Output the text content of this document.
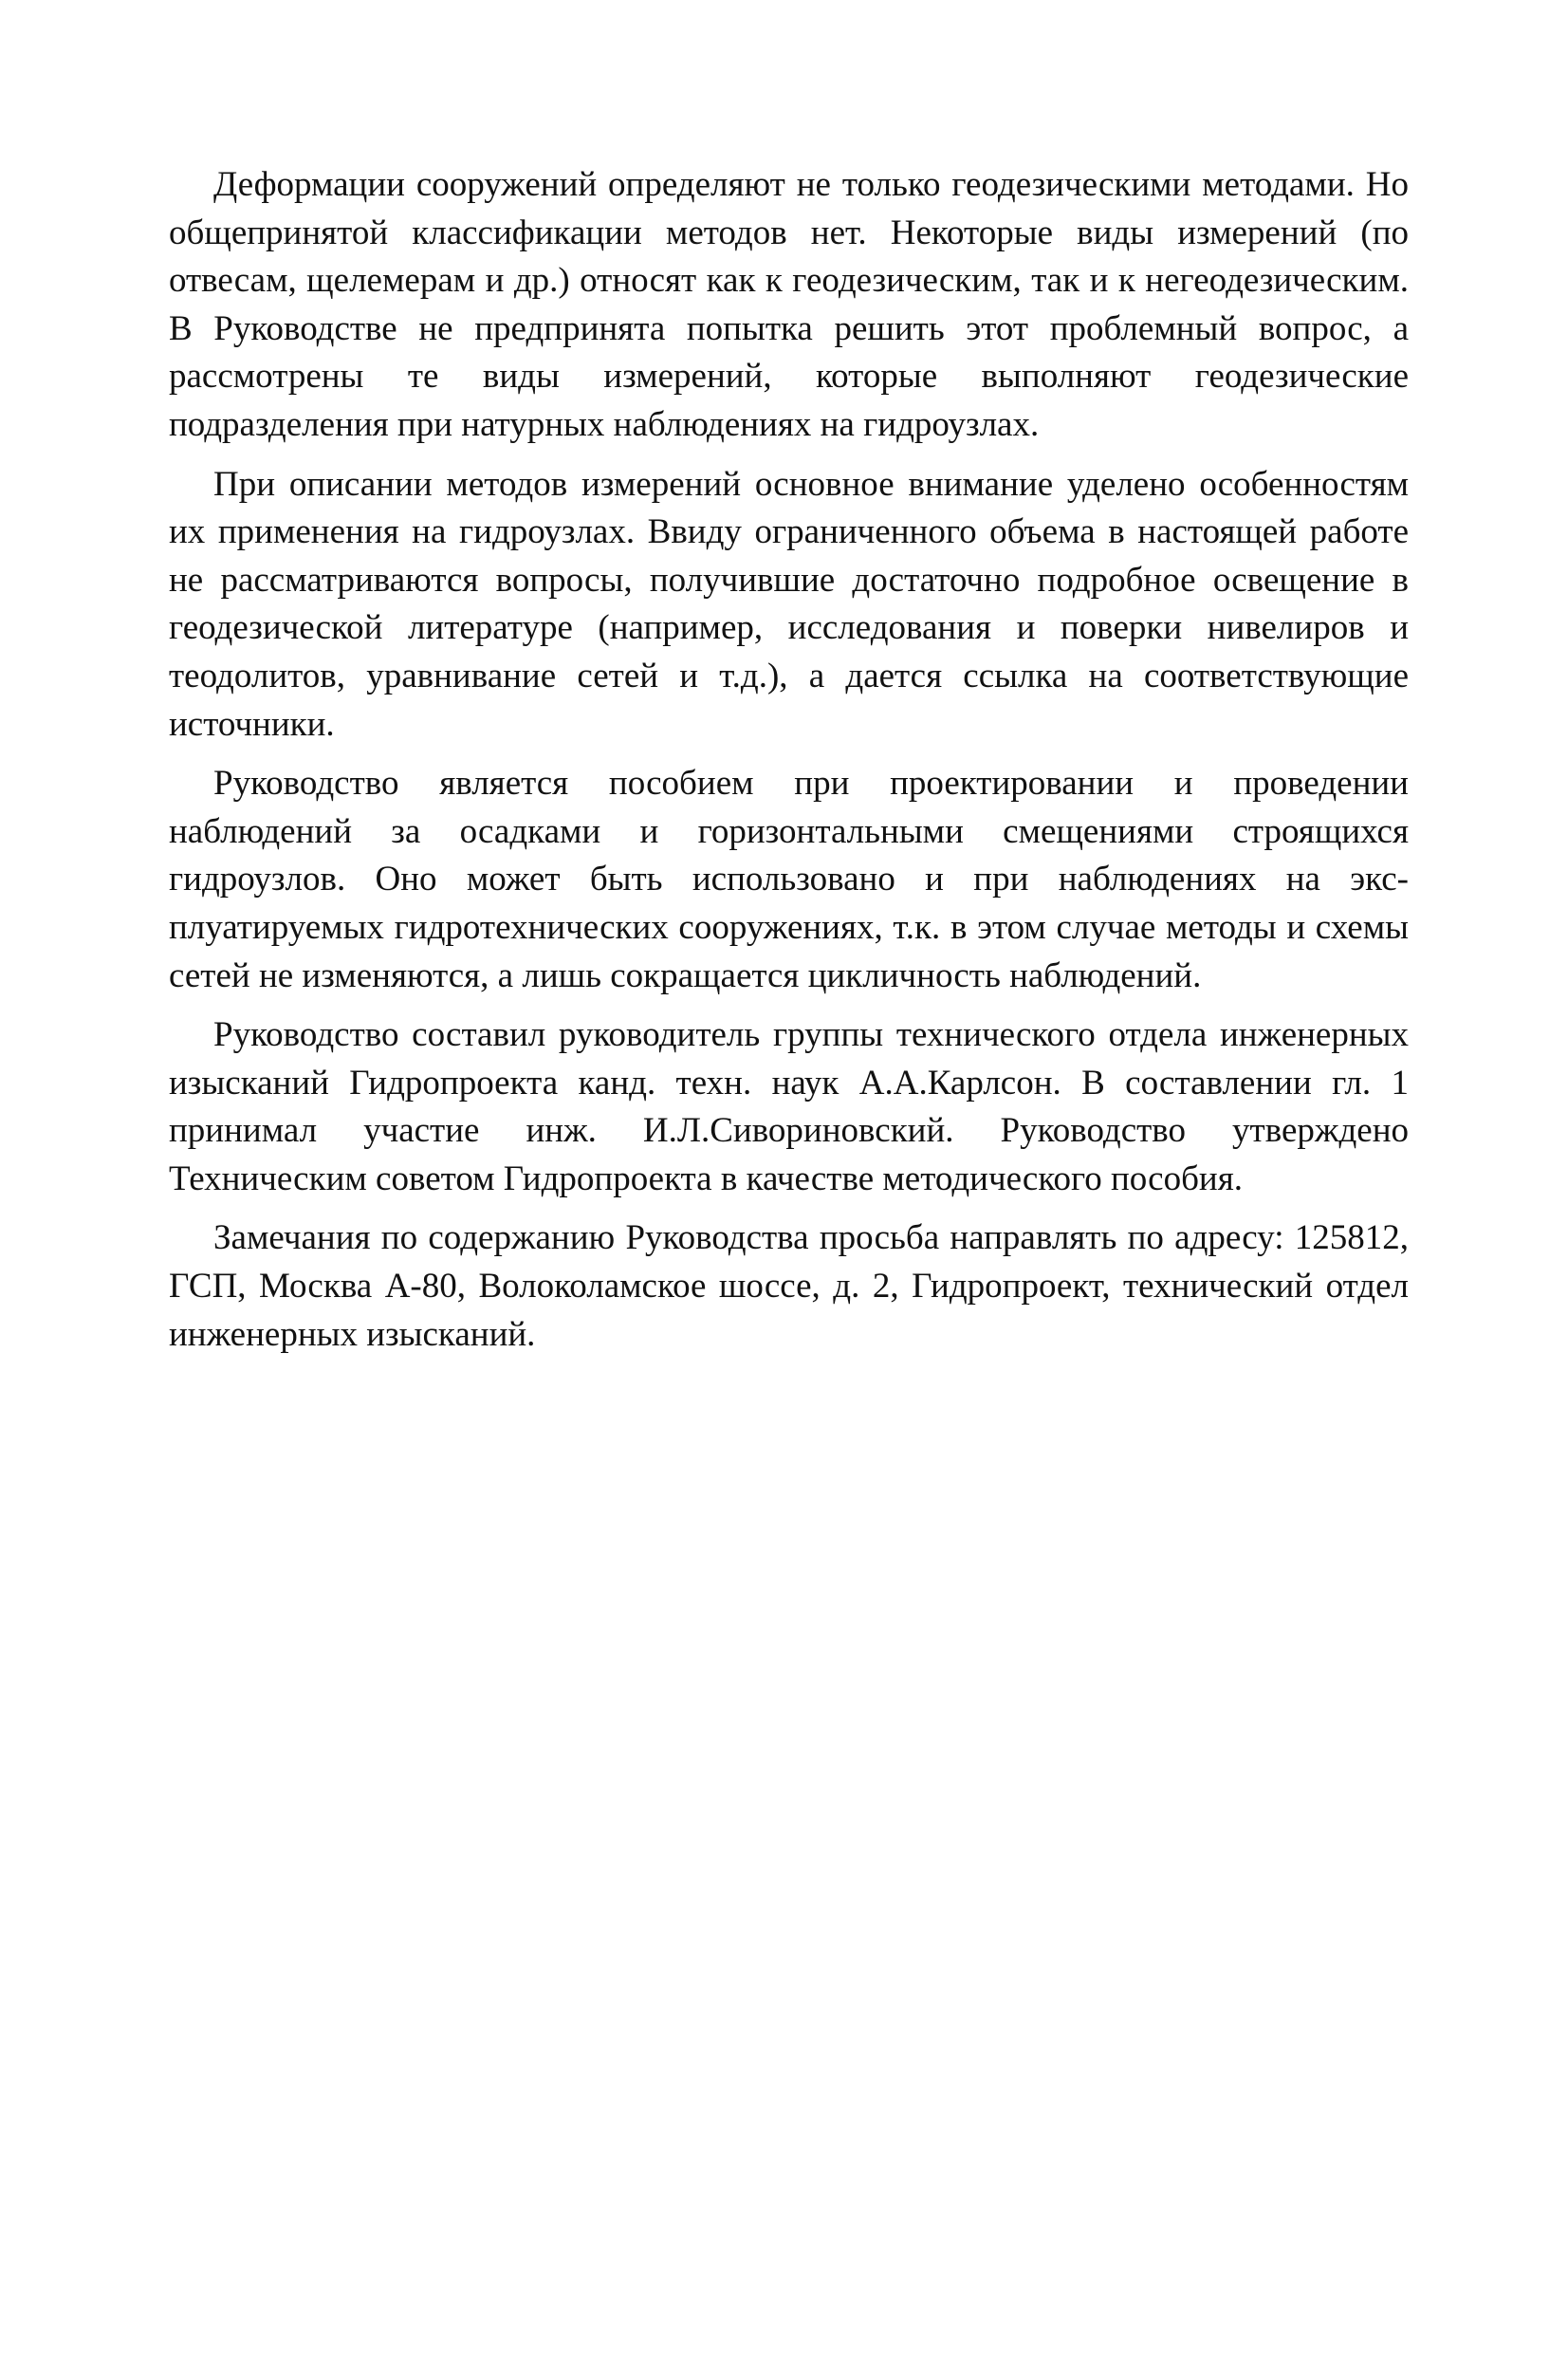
Деформации сооружений определяют не только геодезическими методами. Но общепринятой классификации методов нет. Некоторые виды измерений (по отвесам, щелемерам и др.) относят как к геодезическим, так и к негеодезическим. В Руководстве не предпринята попытка решить этот проблемный вопрос, а рассмотрены те виды измерений, которые выполняют геодезические подразделения при натурных наблюдениях на гидроузлах.

При описании методов измерений основное внимание уделено особенностям их применения на гидроузлах. Ввиду ограниченного объема в настоящей работе не рассматриваются вопросы, получившие достаточно подробное освещение в геодезической литературе (например, исследования и поверки нивелиров и теодолитов, уравнивание сетей и т.д.), а дается ссылка на соответствующие источники.

Руководство является пособием при проектировании и проведении наблюдений за осадками и горизонтальными смещениями строящихся гидроузлов. Оно может быть использовано и при наблюдениях на эксплуатируемых гидротехнических сооружениях, т.к. в этом случае методы и схемы сетей не изменяются, а лишь сокращается цикличность наблюдений.

Руководство составил руководитель группы технического отдела инженерных изысканий Гидропроекта канд. техн. наук А.А.Карлсон. В составлении гл. 1 принимал участие инж. И.Л.Сивориновский. Руководство утверждено Техническим советом Гидропроекта в качестве методического пособия.

Замечания по содержанию Руководства просьба направлять по адресу: 125812, ГСП, Москва А-80, Волоколамское шоссе, д. 2, Гидропроект, технический отдел инженерных изысканий.
